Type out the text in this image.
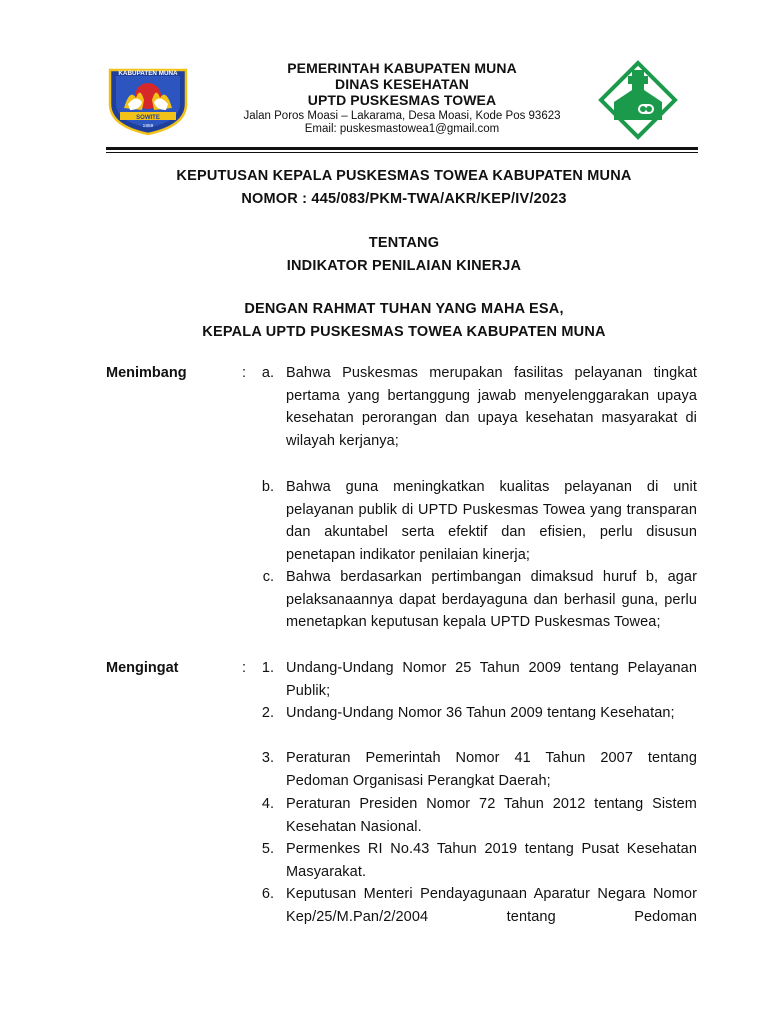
KABUPATEN MUNA
SOWITE
1959
PEMERINTAH KABUPATEN MUNA
DINAS KESEHATAN
UPTD PUSKESMAS TOWEA
Jalan Poros Moasi – Lakarama, Desa Moasi, Kode Pos 93623
Email: puskesmastowea1@gmail.com
KEPUTUSAN KEPALA PUSKESMAS TOWEA KABUPATEN MUNA
NOMOR : 445/083/PKM-TWA/AKR/KEP/IV/2023
TENTANG
INDIKATOR PENILAIAN KINERJA
DENGAN RAHMAT TUHAN YANG MAHA ESA,
KEPALA UPTD PUSKESMAS TOWEA KABUPATEN MUNA
Menimbang	:	a. Bahwa Puskesmas merupakan fasilitas pelayanan tingkat pertama yang bertanggung jawab menyelenggarakan upaya kesehatan perorangan dan upaya kesehatan masyarakat di wilayah kerjanya;
b. Bahwa guna meningkatkan kualitas pelayanan di unit pelayanan publik di UPTD Puskesmas Towea yang transparan dan akuntabel serta efektif dan efisien, perlu disusun penetapan indikator penilaian kinerja;
c. Bahwa berdasarkan pertimbangan dimaksud huruf b, agar pelaksanaannya dapat berdayaguna dan berhasil guna, perlu menetapkan keputusan kepala UPTD Puskesmas Towea;
Mengingat	:	1. Undang-Undang Nomor 25 Tahun 2009 tentang Pelayanan Publik;
2. Undang-Undang Nomor 36 Tahun 2009 tentang Kesehatan;
3. Peraturan Pemerintah Nomor 41 Tahun 2007 tentang Pedoman Organisasi Perangkat Daerah;
4. Peraturan Presiden Nomor 72 Tahun 2012 tentang Sistem Kesehatan Nasional.
5. Permenkes RI No.43 Tahun 2019 tentang Pusat Kesehatan Masyarakat.
6. Keputusan Menteri Pendayagunaan Aparatur Negara Nomor Kep/25/M.Pan/2/2004 tentang Pedoman
